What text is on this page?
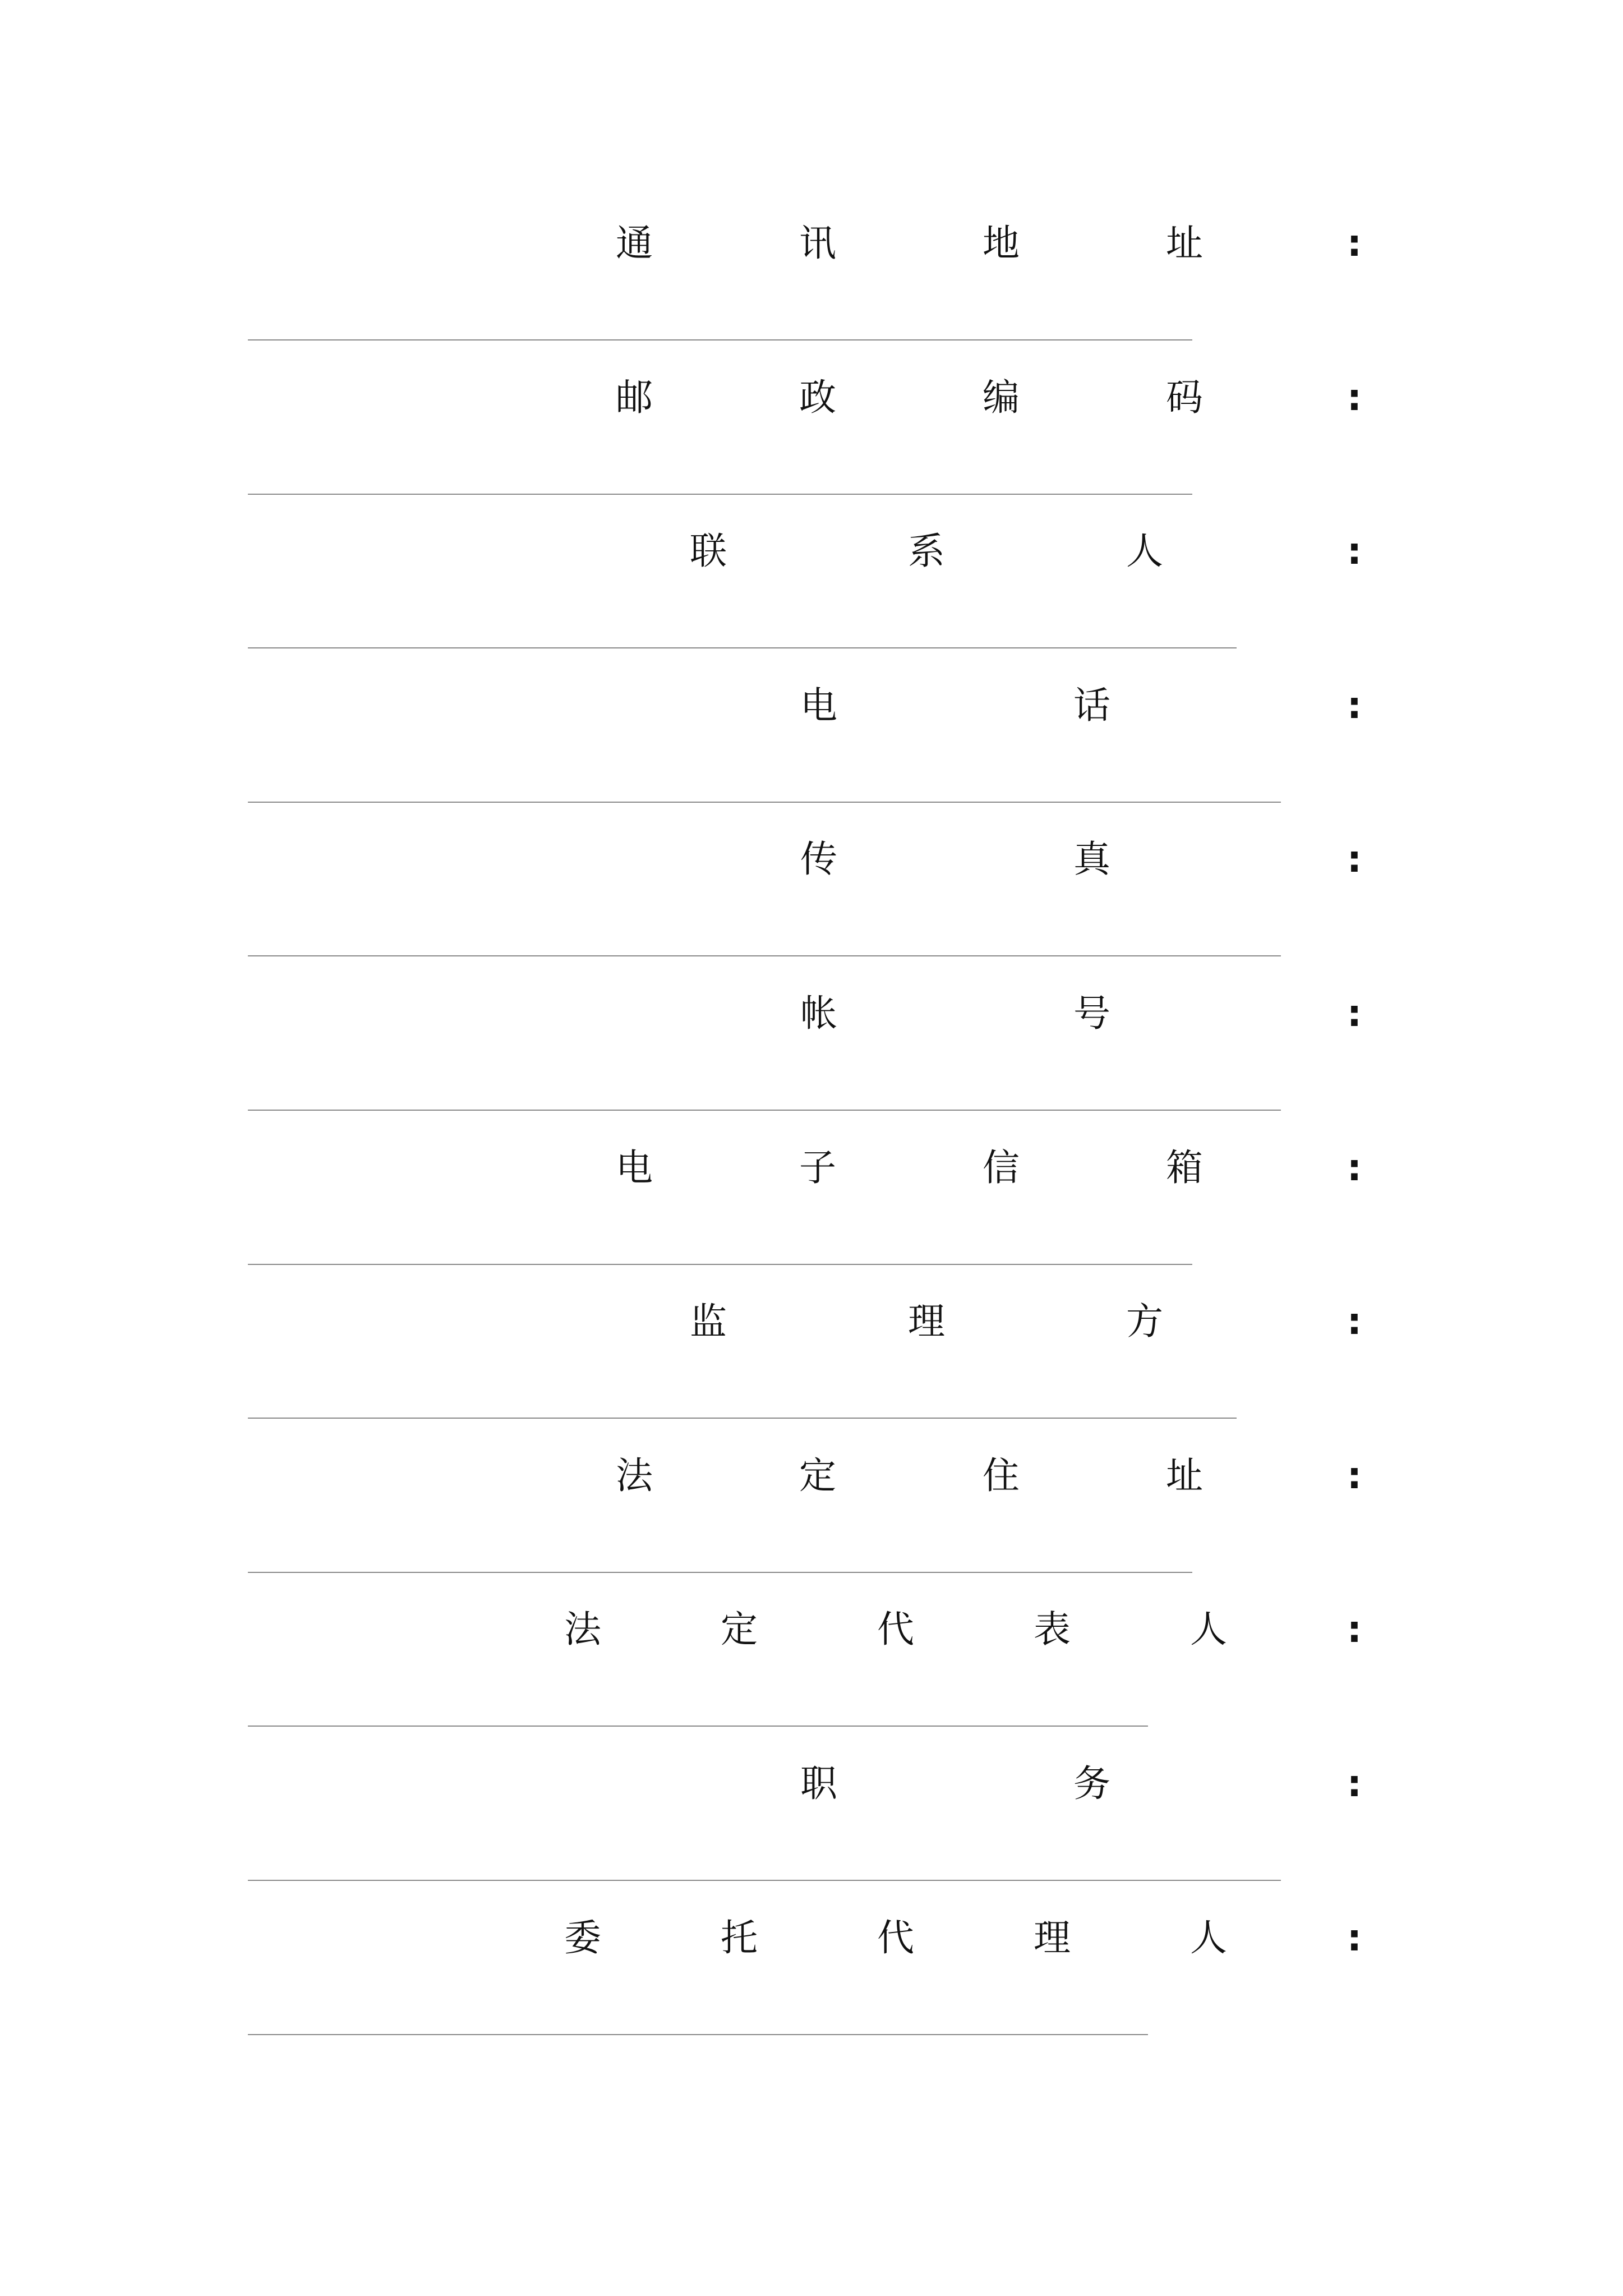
通讯地址
:
邮政编码
:
联系人 :
电话 :
传真 :
帐号 :
电子信箱
:
监理方 :
法定住址
:
法定代表人 :
职务 :
委托代理人 :
